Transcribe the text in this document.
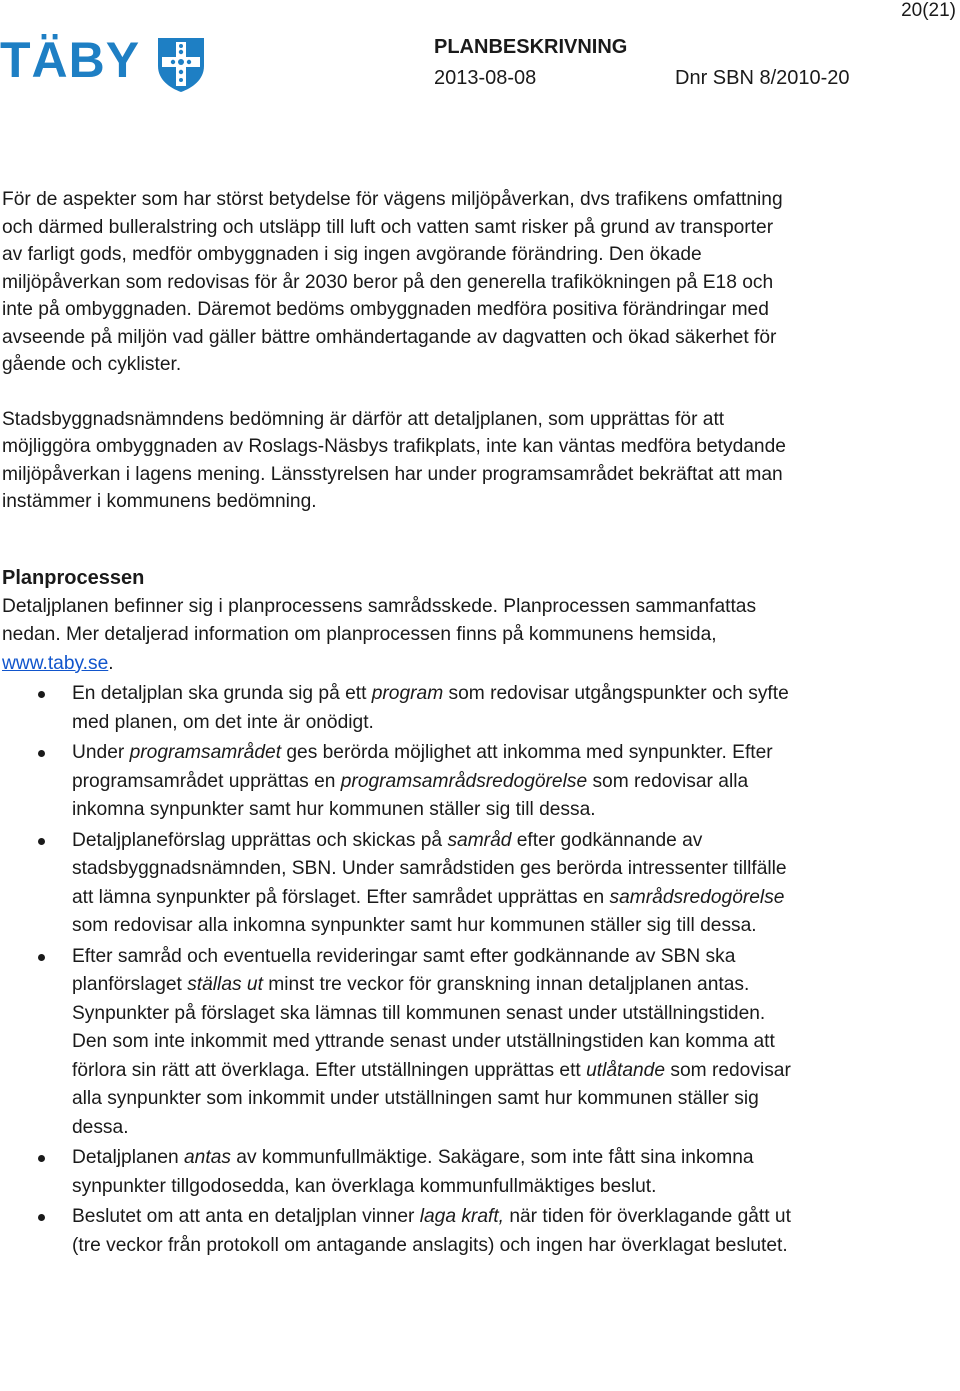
20(21)
TÄBY	PLANBESKRIVNING
2013-08-08	Dnr SBN 8/2010-20

För de aspekter som har störst betydelse för vägens miljöpåverkan, dvs trafikens omfattning och därmed bulleralstring och utsläpp till luft och vatten samt risker på grund av transporter av farligt gods, medför ombyggnaden i sig ingen avgörande förändring. Den ökade miljöpåverkan som redovisas för år 2030 beror på den generella trafikökningen på E18 och inte på ombyggnaden. Däremot bedöms ombyggnaden medföra positiva förändringar med avseende på miljön vad gäller bättre omhändertagande av dagvatten och ökad säkerhet för gående och cyklister.

Stadsbyggnadsnämndens bedömning är därför att detaljplanen, som upprättas för att möjliggöra ombyggnaden av Roslags-Näsbys trafikplats, inte kan väntas medföra betydande miljöpåverkan i lagens mening. Länsstyrelsen har under programsamrådet bekräftat att man instämmer i kommunens bedömning.

Planprocessen

Detaljplanen befinner sig i planprocessens samrådsskede. Planprocessen sammanfattas nedan. Mer detaljerad information om planprocessen finns på kommunens hemsida, www.taby.se.

En detaljplan ska grunda sig på ett program som redovisar utgångspunkter och syfte med planen, om det inte är onödigt.
Under programsamrådet ges berörda möjlighet att inkomma med synpunkter. Efter programsamrådet upprättas en programsamrådsredogörelse som redovisar alla inkomna synpunkter samt hur kommunen ställer sig till dessa.
Detaljplaneförslag upprättas och skickas på samråd efter godkännande av stadsbyggnadsnämnden, SBN. Under samrådstiden ges berörda intressenter tillfälle att lämna synpunkter på förslaget. Efter samrådet upprättas en samrådsredogörelse som redovisar alla inkomna synpunkter samt hur kommunen ställer sig till dessa.
Efter samråd och eventuella revideringar samt efter godkännande av SBN ska planförslaget ställas ut minst tre veckor för granskning innan detaljplanen antas. Synpunkter på förslaget ska lämnas till kommunen senast under utställningstiden. Den som inte inkommit med yttrande senast under utställningstiden kan komma att förlora sin rätt att överklaga. Efter utställningen upprättas ett utlåtande som redovisar alla synpunkter som inkommit under utställningen samt hur kommunen ställer sig dessa.
Detaljplanen antas av kommunfullmäktige. Sakägare, som inte fått sina inkomna synpunkter tillgodosedda, kan överklaga kommunfullmäktiges beslut.
Beslutet om att anta en detaljplan vinner laga kraft, när tiden för överklagande gått ut (tre veckor från protokoll om antagande anslagits) och ingen har överklagat beslutet.
